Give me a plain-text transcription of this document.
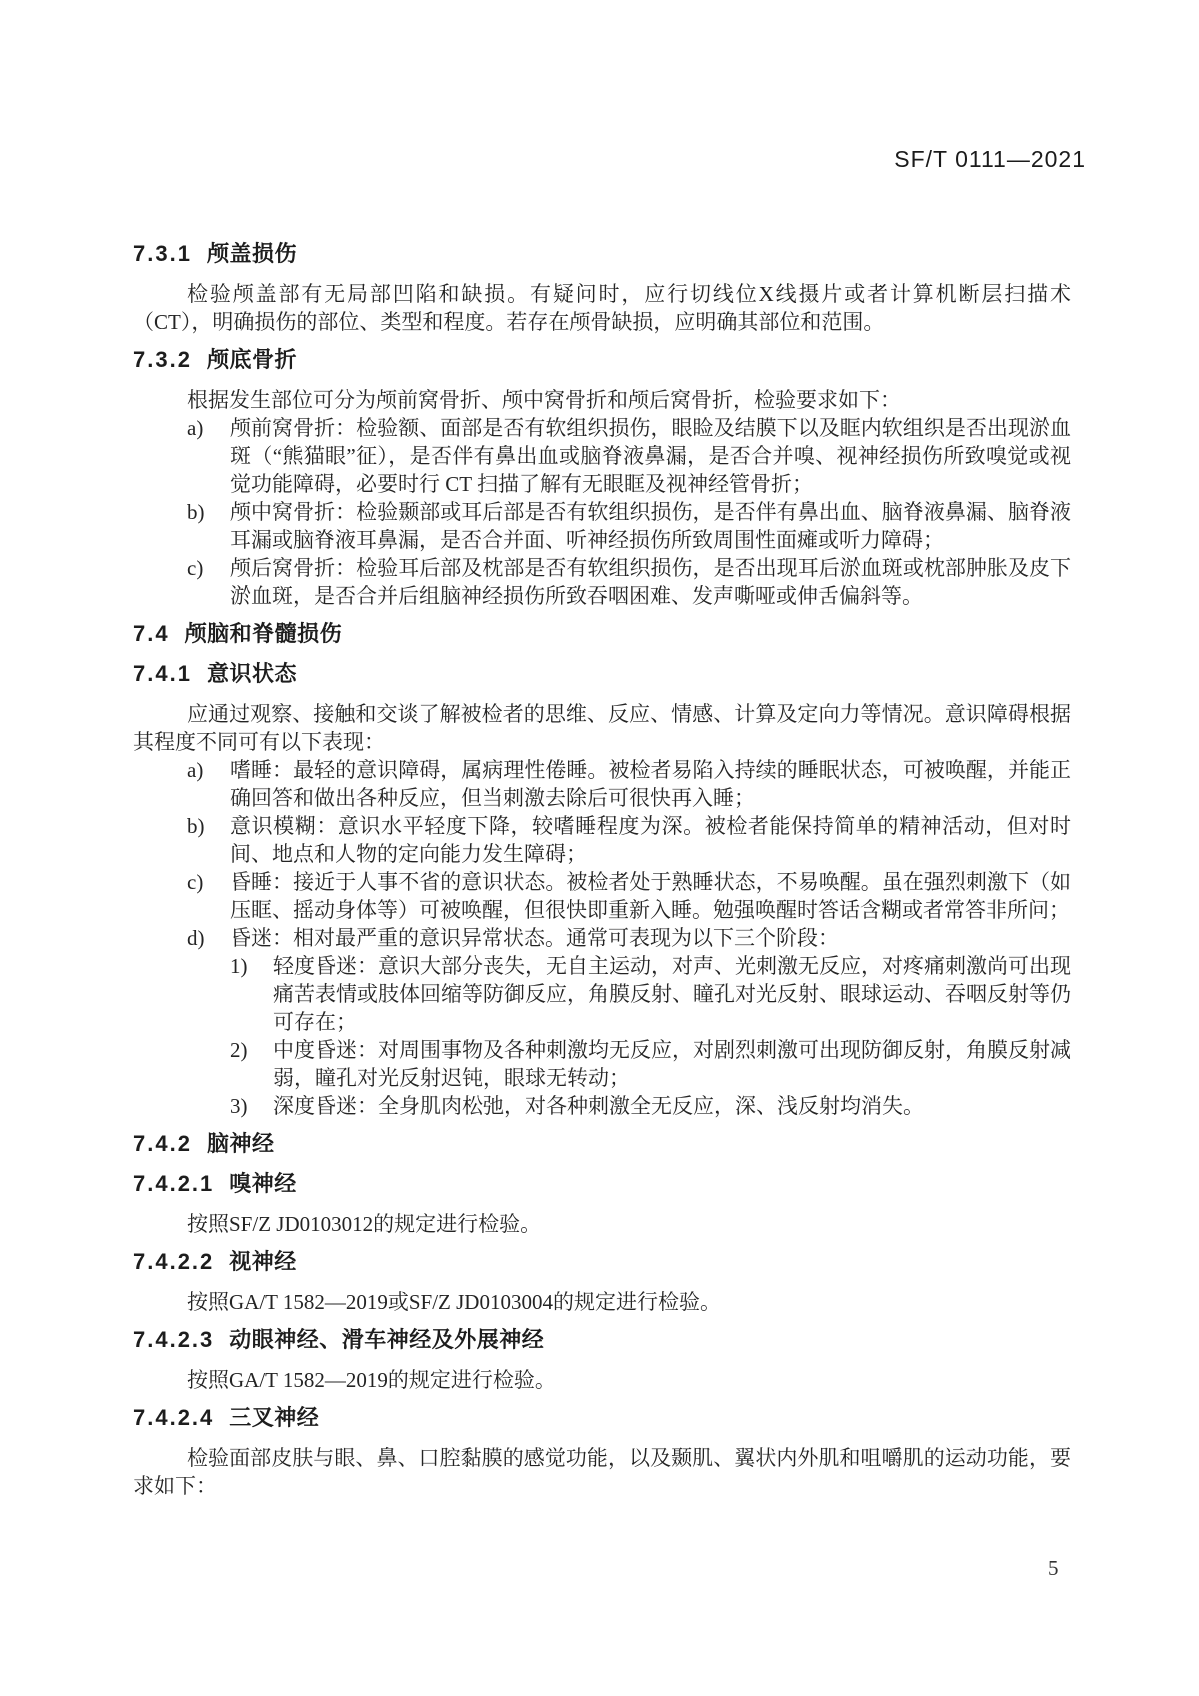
SF/T 0111—2021
7.3.1 颅盖损伤

检验颅盖部有无局部凹陷和缺损。有疑问时，应行切线位X线摄片或者计算机断层扫描术（CT），明确损伤的部位、类型和程度。若存在颅骨缺损，应明确其部位和范围。

7.3.2 颅底骨折

根据发生部位可分为颅前窝骨折、颅中窝骨折和颅后窝骨折，检验要求如下：

a)	颅前窝骨折：检验额、面部是否有软组织损伤，眼睑及结膜下以及眶内软组织是否出现淤血斑（“熊猫眼”征），是否伴有鼻出血或脑脊液鼻漏，是否合并嗅、视神经损伤所致嗅觉或视觉功能障碍，必要时行 CT 扫描了解有无眼眶及视神经管骨折；
b)	颅中窝骨折：检验颞部或耳后部是否有软组织损伤，是否伴有鼻出血、脑脊液鼻漏、脑脊液耳漏或脑脊液耳鼻漏，是否合并面、听神经损伤所致周围性面瘫或听力障碍；
c)	颅后窝骨折：检验耳后部及枕部是否有软组织损伤，是否出现耳后淤血斑或枕部肿胀及皮下淤血斑，是否合并后组脑神经损伤所致吞咽困难、发声嘶哑或伸舌偏斜等。
7.4 颅脑和脊髓损伤
7.4.1 意识状态

应通过观察、接触和交谈了解被检者的思维、反应、情感、计算及定向力等情况。意识障碍根据其程度不同可有以下表现：

a)	嗜睡：最轻的意识障碍，属病理性倦睡。被检者易陷入持续的睡眠状态，可被唤醒，并能正确回答和做出各种反应，但当刺激去除后可很快再入睡；
b)	意识模糊：意识水平轻度下降，较嗜睡程度为深。被检者能保持简单的精神活动，但对时间、地点和人物的定向能力发生障碍；
c)	昏睡：接近于人事不省的意识状态。被检者处于熟睡状态，不易唤醒。虽在强烈刺激下（如压眶、摇动身体等）可被唤醒，但很快即重新入睡。勉强唤醒时答话含糊或者常答非所问；
d)	昏迷：相对最严重的意识异常状态。通常可表现为以下三个阶段：
1)	轻度昏迷：意识大部分丧失，无自主运动，对声、光刺激无反应，对疼痛刺激尚可出现痛苦表情或肢体回缩等防御反应，角膜反射、瞳孔对光反射、眼球运动、吞咽反射等仍可存在；
2)	中度昏迷：对周围事物及各种刺激均无反应，对剧烈刺激可出现防御反射，角膜反射减弱，瞳孔对光反射迟钝，眼球无转动；
3)	深度昏迷：全身肌肉松弛，对各种刺激全无反应，深、浅反射均消失。
7.4.2 脑神经
7.4.2.1 嗅神经

按照SF/Z JD0103012的规定进行检验。

7.4.2.2 视神经

按照GA/T 1582—2019或SF/Z JD0103004的规定进行检验。

7.4.2.3 动眼神经、滑车神经及外展神经

按照GA/T 1582—2019的规定进行检验。

7.4.2.4 三叉神经

检验面部皮肤与眼、鼻、口腔黏膜的感觉功能，以及颞肌、翼状内外肌和咀嚼肌的运动功能，要求如下：

5
